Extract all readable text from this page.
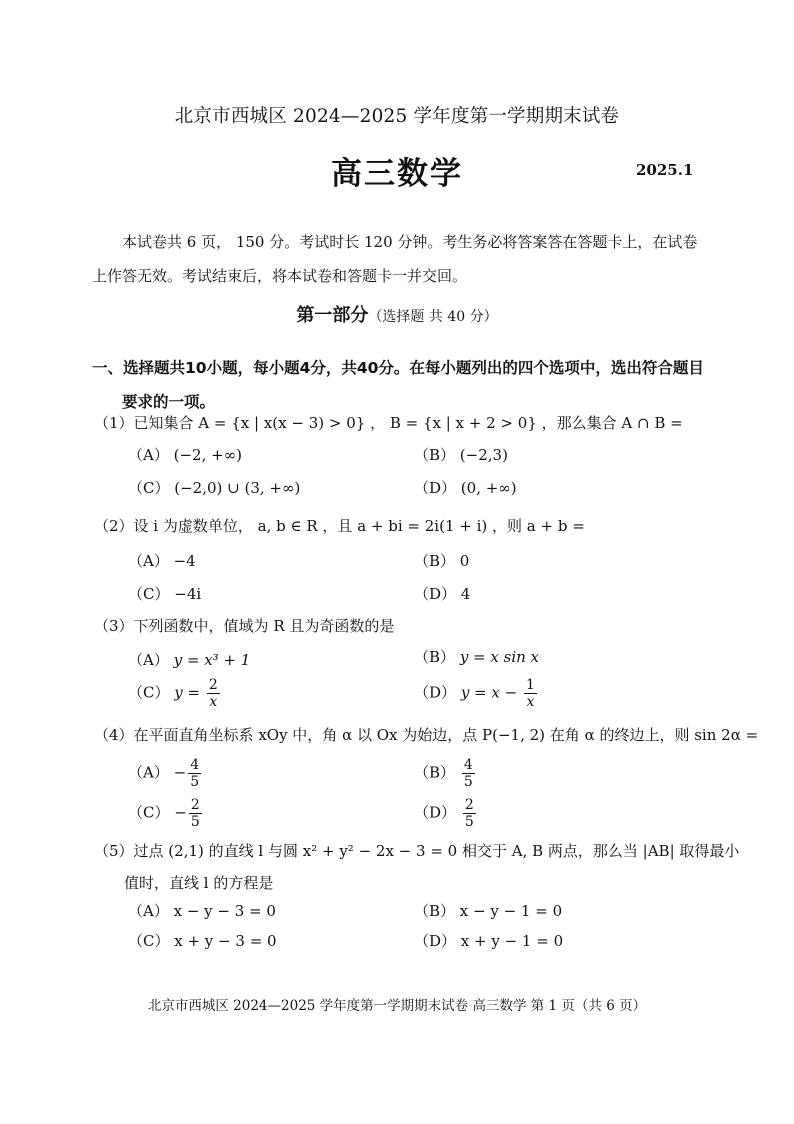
北京市西城区 2024—2025 学年度第一学期期末试卷
高三数学	2025.1
本试卷共 6 页， 150 分。考试时长 120 分钟。考生务必将答案答在答题卡上，在试卷上作答无效。考试结束后，将本试卷和答题卡一并交回。
第一部分（选择题 共 40 分）
一、选择题共10小题，每小题4分，共40分。在每小题列出的四个选项中，选出符合题目
要求的一项。
（1）已知集合 A = {x | x(x − 3) > 0} ， B = {x | x + 2 > 0} ，那么集合 A ∩ B =
（A） (−2, +∞)	（B） (−2,3)
（C） (−2,0) ∪ (3, +∞)	（D） (0, +∞)
（2）设 i 为虚数单位， a, b ∈ R ，且 a + bi = 2i(1 + i) ，则 a + b =
（A） −4	（B） 0
（C） −4i	（D） 4
（3）下列函数中，值域为 R 且为奇函数的是
（A） y = x³ + 1	（B） y = x sin x
（C） $y = \frac{2}{x}$	（D） $y = x - \frac{1}{x}$
（4）在平面直角坐标系 xOy 中，角 α 以 Ox 为始边，点 P(−1, 2) 在角 α 的终边上，则 sin 2α =
$(A) - \frac{4}{5}$	$(B) \frac{4}{5}$
$(C) - \frac{2}{5}$	$(D) \frac{2}{5}$
（5）过点 (2,1) 的直线 l 与圆 x² + y² − 2x − 3 = 0 相交于 A, B 两点，那么当 |AB| 取得最小
值时，直线 l 的方程是
（A） x − y − 3 = 0	（B） x − y − 1 = 0
（C） x + y − 3 = 0	（D） x + y − 1 = 0
北京市西城区 2024—2025 学年度第一学期期末试卷 高三数学 第 1 页（共 6 页）
